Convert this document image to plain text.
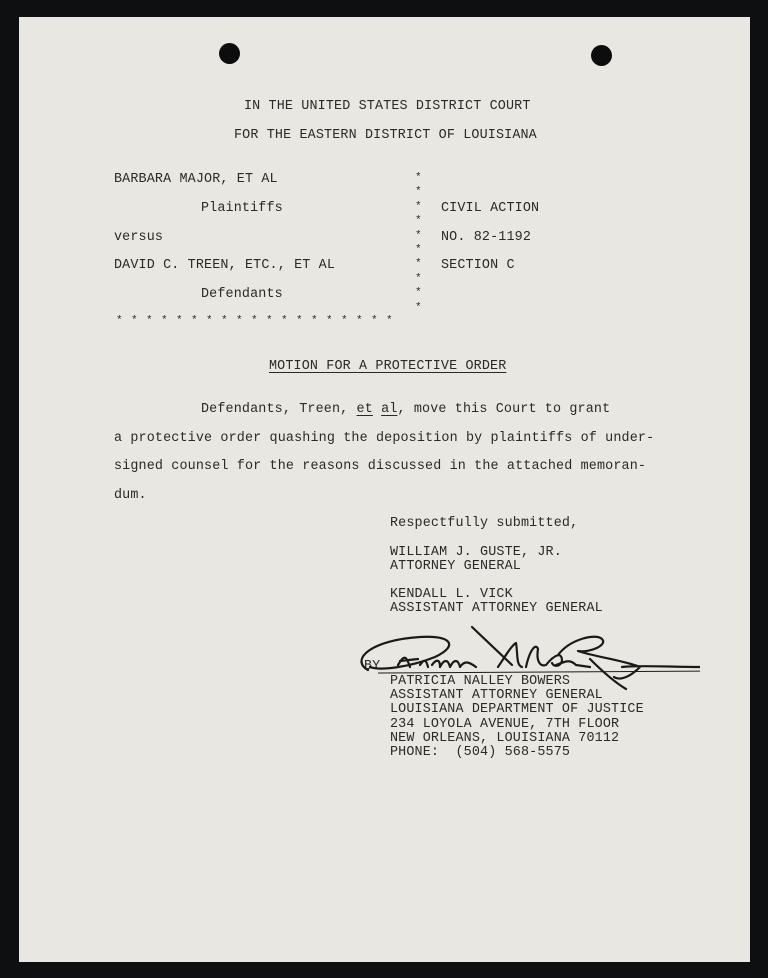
IN THE UNITED STATES DISTRICT COURT
FOR THE EASTERN DISTRICT OF LOUISIANA
BARBARA MAJOR, ET AL
Plaintiffs
versus
DAVID C. TREEN, ETC., ET AL
Defendants
*
*
*
*
*
*
*
*
*
*
* * * * * * * * * * * * * * * * * * *
CIVIL ACTION
NO. 82-1192
SECTION C
MOTION FOR A PROTECTIVE ORDER
Defendants, Treen, et al, move this Court to grant
a protective order quashing the deposition by plaintiffs of under-
signed counsel for the reasons discussed in the attached memoran-
dum.
Respectfully submitted,
WILLIAM J. GUSTE, JR.
ATTORNEY GENERAL
KENDALL L. VICK
ASSISTANT ATTORNEY GENERAL
BY
PATRICIA NALLEY BOWERS
ASSISTANT ATTORNEY GENERAL
LOUISIANA DEPARTMENT OF JUSTICE
234 LOYOLA AVENUE, 7TH FLOOR
NEW ORLEANS, LOUISIANA 70112
PHONE:  (504) 568-5575
